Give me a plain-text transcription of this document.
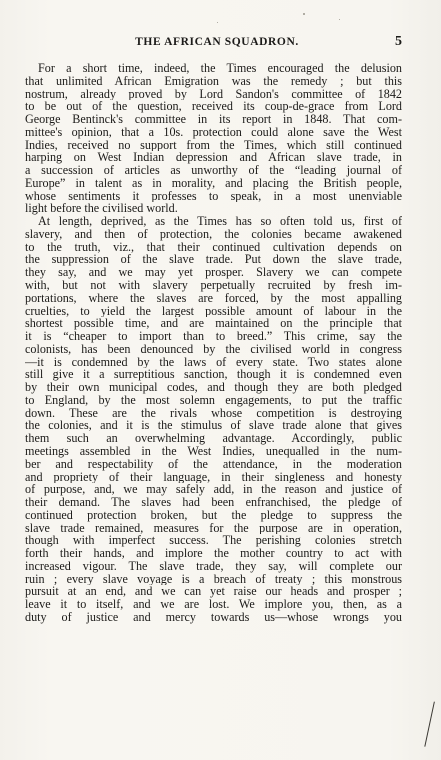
THE AFRICAN SQUADRON.	5
For a short time, indeed, the Times encouraged the delusion
that unlimited African Emigration was the remedy ; but this
nostrum, already proved by Lord Sandon's committee of 1842
to be out of the question, received its coup-de-grace from Lord
George Bentinck's committee in its report in 1848. That com-
mittee's opinion, that a 10s. protection could alone save the West
Indies, received no support from the Times, which still continued
harping on West Indian depression and African slave trade, in
a succession of articles as unworthy of the “leading journal of
Europe” in talent as in morality, and placing the British people,
whose sentiments it professes to speak, in a most unenviable
light before the civilised world.
At length, deprived, as the Times has so often told us, first of
slavery, and then of protection, the colonies became awakened
to the truth, viz., that their continued cultivation depends on
the suppression of the slave trade. Put down the slave trade,
they say, and we may yet prosper. Slavery we can compete
with, but not with slavery perpetually recruited by fresh im-
portations, where the slaves are forced, by the most appalling
cruelties, to yield the largest possible amount of labour in the
shortest possible time, and are maintained on the principle that
it is “cheaper to import than to breed.” This crime, say the
colonists, has been denounced by the civilised world in congress
—it is condemned by the laws of every state. Two states alone
still give it a surreptitious sanction, though it is condemned even
by their own municipal codes, and though they are both pledged
to England, by the most solemn engagements, to put the traffic
down. These are the rivals whose competition is destroying
the colonies, and it is the stimulus of slave trade alone that gives
them such an overwhelming advantage. Accordingly, public
meetings assembled in the West Indies, unequalled in the num-
ber and respectability of the attendance, in the moderation
and propriety of their language, in their singleness and honesty
of purpose, and, we may safely add, in the reason and justice of
their demand. The slaves had been enfranchised, the pledge of
continued protection broken, but the pledge to suppress the
slave trade remained, measures for the purpose are in operation,
though with imperfect success. The perishing colonies stretch
forth their hands, and implore the mother country to act with
increased vigour. The slave trade, they say, will complete our
ruin ; every slave voyage is a breach of treaty ; this monstrous
pursuit at an end, and we can yet raise our heads and prosper ;
leave it to itself, and we are lost. We implore you, then, as a
duty of justice and mercy towards us—whose wrongs you
